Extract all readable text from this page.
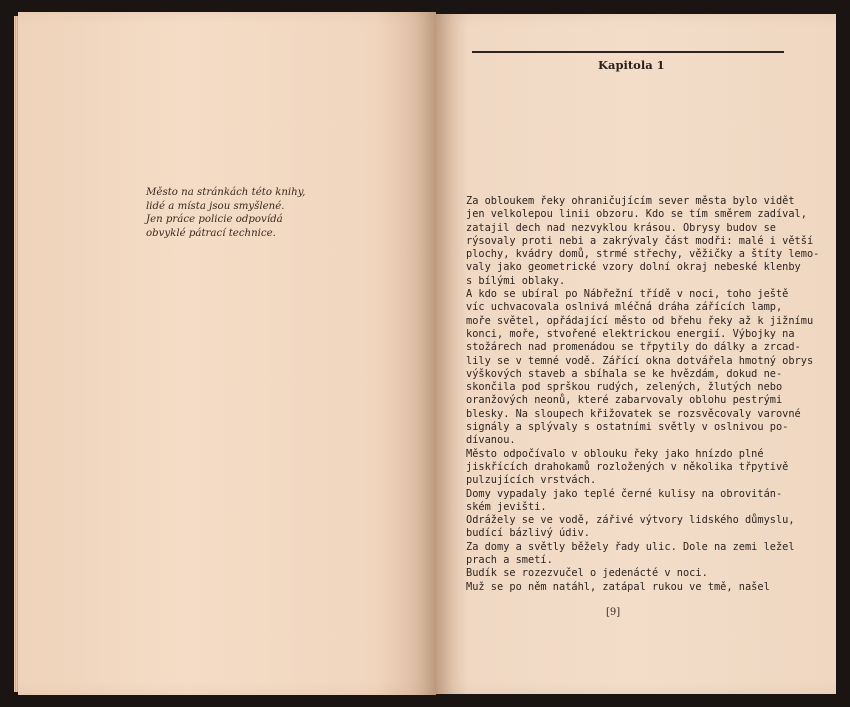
Město na stránkách této knihy,
lidé a místa jsou smyšlené.
Jen práce policie odpovídá
obvyklé pátrací technice.
Kapitola 1
Za obloukem řeky ohraničujícím sever města bylo vidět
jen velkolepou linii obzoru. Kdo se tím směrem zadíval,
zatajil dech nad nezvyklou krásou. Obrysy budov se
rýsovaly proti nebi a zakrývaly část modři: malé i větší
plochy, kvádry domů, strmé střechy, věžičky a štíty lemo-
valy jako geometrické vzory dolní okraj nebeské klenby
s bílými oblaky.
A kdo se ubíral po Nábřežní třídě v noci, toho ještě
víc uchvacovala oslnivá mléčná dráha zářících lamp,
moře světel, opřádající město od břehu řeky až k jižnímu
konci, moře, stvořené elektrickou energií. Výbojky na
stožárech nad promenádou se třpytily do dálky a zrcad-
lily se v temné vodě. Zářící okna dotvářela hmotný obrys
výškových staveb a sbíhala se ke hvězdám, dokud ne-
skončila pod sprškou rudých, zelených, žlutých nebo
oranžových neonů, které zabarvovaly oblohu pestrými
blesky. Na sloupech křižovatek se rozsvěcovaly varovné
signály a splývaly s ostatními světly v oslnivou po-
dívanou.
Město odpočívalo v oblouku řeky jako hnízdo plné
jiskřících drahokamů rozložených v několika třpytivě
pulzujících vrstvách.
Domy vypadaly jako teplé černé kulisy na obrovitán-
ském jevišti.
Odrážely se ve vodě, zářivé výtvory lidského důmyslu,
budící bázlivý údiv.
Za domy a světly běžely řady ulic. Dole na zemi ležel
prach a smetí.
Budík se rozezvučel o jedenácté v noci.
Muž se po něm natáhl, zatápal rukou ve tmě, našel
[9]
